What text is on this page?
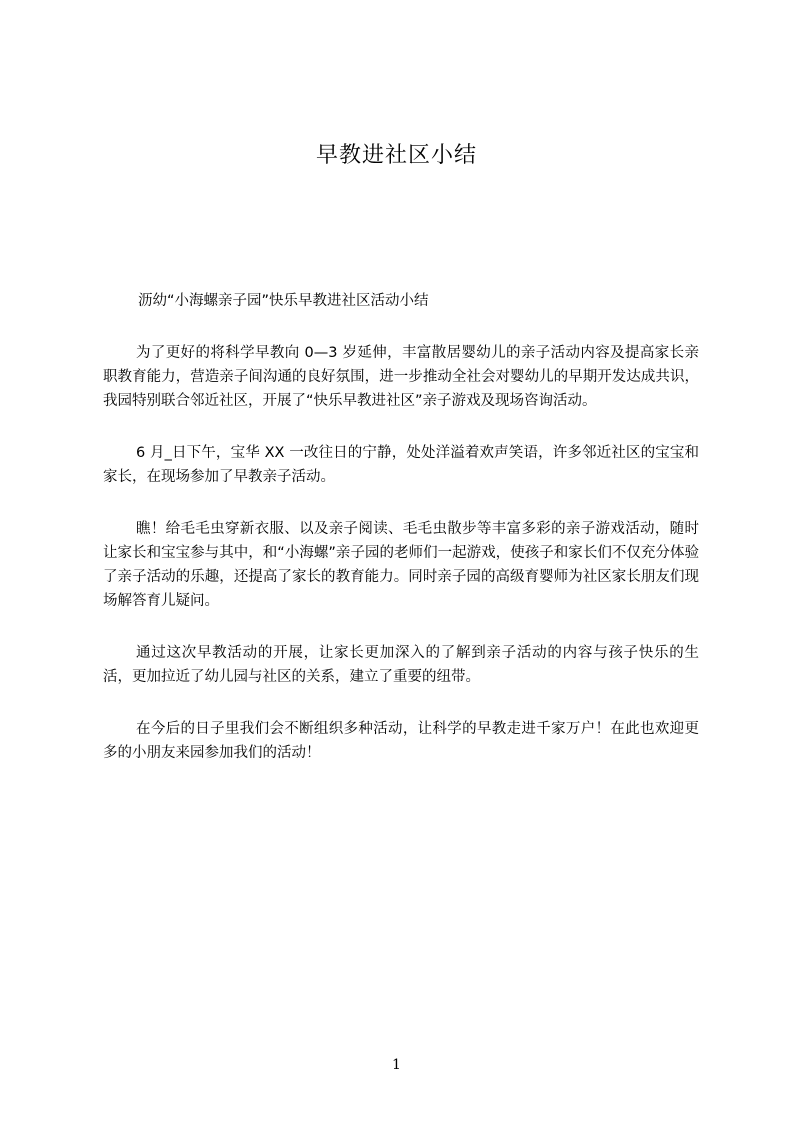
早教进社区小结

沥幼“小海螺亲子园”快乐早教进社区活动小结

为了更好的将科学早教向 0—3 岁延伸，丰富散居婴幼儿的亲子活动内容及提高家长亲职教育能力，营造亲子间沟通的良好氛围，进一步推动全社会对婴幼儿的早期开发达成共识，我园特别联合邻近社区，开展了“快乐早教进社区”亲子游戏及现场咨询活动。

6 月_日下午，宝华 XX 一改往日的宁静，处处洋溢着欢声笑语，许多邻近社区的宝宝和家长，在现场参加了早教亲子活动。

瞧！给毛毛虫穿新衣服、以及亲子阅读、毛毛虫散步等丰富多彩的亲子游戏活动，随时让家长和宝宝参与其中，和“小海螺”亲子园的老师们一起游戏，使孩子和家长们不仅充分体验了亲子活动的乐趣，还提高了家长的教育能力。同时亲子园的高级育婴师为社区家长朋友们现场解答育儿疑问。

通过这次早教活动的开展，让家长更加深入的了解到亲子活动的内容与孩子快乐的生活，更加拉近了幼儿园与社区的关系，建立了重要的纽带。

在今后的日子里我们会不断组织多种活动，让科学的早教走进千家万户！在此也欢迎更多的小朋友来园参加我们的活动！

1
